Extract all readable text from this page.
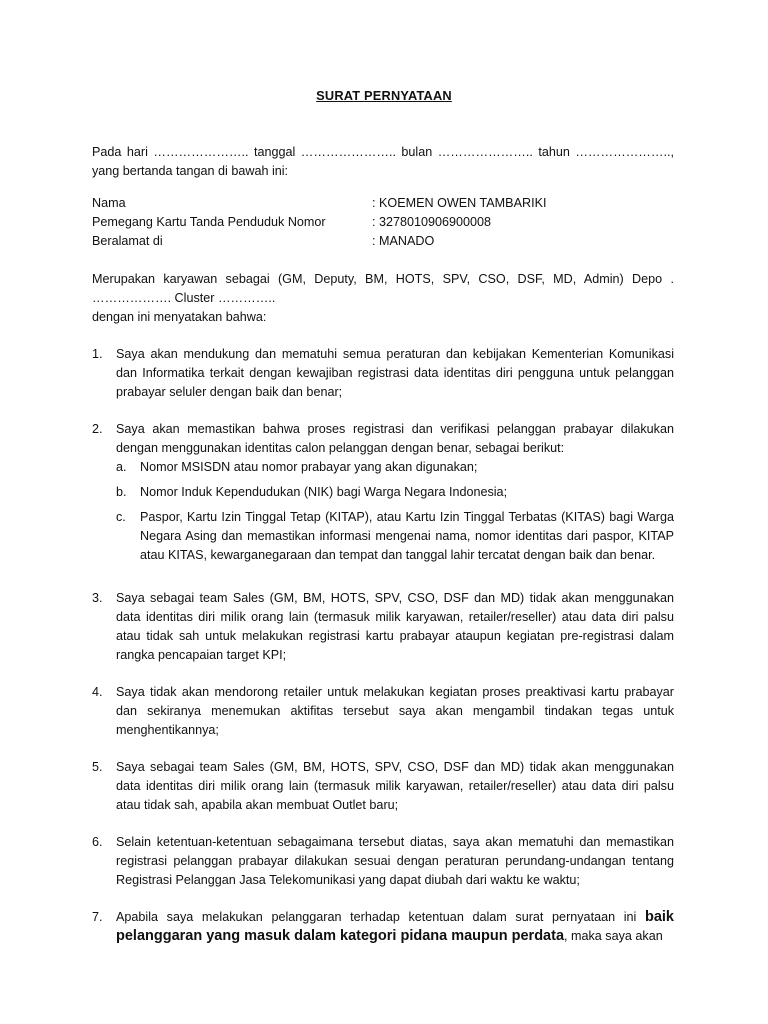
SURAT PERNYATAAN
Pada hari ………………….. tanggal ………………….. bulan ………………….. tahun ………………….., yang bertanda tangan di bawah ini:
Nama	: KOEMEN OWEN TAMBARIKI
Pemegang Kartu Tanda Penduduk Nomor	: 3278010906900008
Beralamat di	: MANADO
Merupakan karyawan sebagai (GM, Deputy, BM, HOTS, SPV, CSO, DSF, MD, Admin) Depo . ………………. Cluster …………..
dengan ini menyatakan bahwa:
1. Saya akan mendukung dan mematuhi semua peraturan dan kebijakan Kementerian Komunikasi dan Informatika terkait dengan kewajiban registrasi data identitas diri pengguna untuk pelanggan prabayar seluler dengan baik dan benar;
2. Saya akan memastikan bahwa proses registrasi dan verifikasi pelanggan prabayar dilakukan dengan menggunakan identitas calon pelanggan dengan benar, sebagai berikut:
a. Nomor MSISDN atau nomor prabayar yang akan digunakan;
b. Nomor Induk Kependudukan (NIK) bagi Warga Negara Indonesia;
c. Paspor, Kartu Izin Tinggal Tetap (KITAP), atau Kartu Izin Tinggal Terbatas (KITAS) bagi Warga Negara Asing dan memastikan informasi mengenai nama, nomor identitas dari paspor, KITAP atau KITAS, kewarganegaraan dan tempat dan tanggal lahir tercatat dengan baik dan benar.
3. Saya sebagai team Sales (GM, BM, HOTS, SPV, CSO, DSF dan MD) tidak akan menggunakan data identitas diri milik orang lain (termasuk milik karyawan, retailer/reseller) atau data diri palsu atau tidak sah untuk melakukan registrasi kartu prabayar ataupun kegiatan pre-registrasi dalam rangka pencapaian target KPI;
4. Saya tidak akan mendorong retailer untuk melakukan kegiatan proses preaktivasi kartu prabayar dan sekiranya menemukan aktifitas tersebut saya akan mengambil tindakan tegas untuk menghentikannya;
5. Saya sebagai team Sales (GM, BM, HOTS, SPV, CSO, DSF dan MD) tidak akan menggunakan data identitas diri milik orang lain (termasuk milik karyawan, retailer/reseller) atau data diri palsu atau tidak sah, apabila akan membuat Outlet baru;
6. Selain ketentuan-ketentuan sebagaimana tersebut diatas, saya akan mematuhi dan memastikan registrasi pelanggan prabayar dilakukan sesuai dengan peraturan perundang-undangan tentang Registrasi Pelanggan Jasa Telekomunikasi yang dapat diubah dari waktu ke waktu;
7. Apabila saya melakukan pelanggaran terhadap ketentuan dalam surat pernyataan ini baik pelanggaran yang masuk dalam kategori pidana maupun perdata, maka saya akan
